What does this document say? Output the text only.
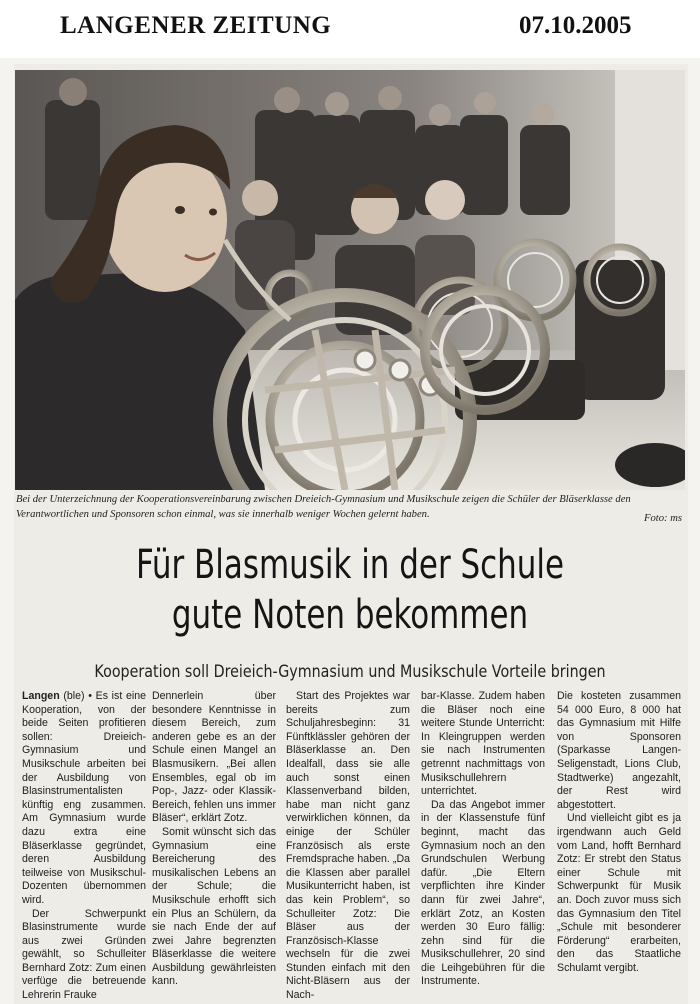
LANGENER ZEITUNG	07.10.2005
Bei der Unterzeichnung der Kooperationsvereinbarung zwischen Dreieich-Gymnasium und Musikschule zeigen die Schüler der Bläserklasse den Verantwortlichen und Sponsoren schon einmal, was sie innerhalb weniger Wochen gelernt haben.	Foto: ms
Für Blasmusik in der Schule
gute Noten bekommen
Kooperation soll Dreieich-Gymnasium und Musikschule Vorteile bringen

Langen (ble) • Es ist eine Kooperation, von der beide Seiten profitieren sollen: Dreieich-Gymnasium und Musikschule arbeiten bei der Ausbildung von Blasinstrumentalisten künftig eng zusammen. Am Gymnasium wurde dazu extra eine Bläserklasse gegründet, deren Ausbildung teilweise von Musikschul-Dozenten übernommen wird.

Der Schwerpunkt Blasinstrumente wurde aus zwei Gründen gewählt, so Schulleiter Bernhard Zotz: Zum einen verfüge die betreuende Lehrerin Frauke

Dennerlein über besondere Kenntnisse in diesem Bereich, zum anderen gebe es an der Schule einen Mangel an Blasmusikern. „Bei allen Ensembles, egal ob im Pop-, Jazz- oder Klassik-Bereich, fehlen uns immer Bläser“, erklärt Zotz.

Somit wünscht sich das Gymnasium eine Bereicherung des musikalischen Lebens an der Schule; die Musikschule erhofft sich ein Plus an Schülern, da sie nach Ende der auf zwei Jahre begrenzten Bläserklasse die weitere Ausbildung gewährleisten kann.

Start des Projektes war bereits zum Schuljahresbeginn: 31 Fünftklässler gehören der Bläserklasse an. Den Idealfall, dass sie alle auch sonst einen Klassenverband bilden, habe man nicht ganz verwirklichen können, da einige der Schüler Französisch als erste Fremdsprache haben. „Da die Klassen aber parallel Musikunterricht haben, ist das kein Problem“, so Schulleiter Zotz: Die Bläser aus der Französisch-Klasse wechseln für die zwei Stunden einfach mit den Nicht-Bläsern aus der Nach-

bar-Klasse. Zudem haben die Bläser noch eine weitere Stunde Unterricht: In Kleingruppen werden sie nach Instrumenten getrennt nachmittags von Musikschullehrern unterrichtet.

Da das Angebot immer in der Klassenstufe fünf beginnt, macht das Gymnasium noch an den Grundschulen Werbung dafür. „Die Eltern verpflichten ihre Kinder dann für zwei Jahre“, erklärt Zotz, an Kosten werden 30 Euro fällig: zehn sind für die Musikschullehrer, 20 sind die Leihgebühren für die Instrumente.

Die kosteten zusammen 54 000 Euro, 8 000 hat das Gymnasium mit Hilfe von Sponsoren (Sparkasse Langen-Seligenstadt, Lions Club, Stadtwerke) angezahlt, der Rest wird abgestottert.

Und vielleicht gibt es ja irgendwann auch Geld vom Land, hofft Bernhard Zotz: Er strebt den Status einer Schule mit Schwerpunkt für Musik an. Doch zuvor muss sich das Gymnasium den Titel „Schule mit besonderer Förderung“ erarbeiten, den das Staatliche Schulamt vergibt.
